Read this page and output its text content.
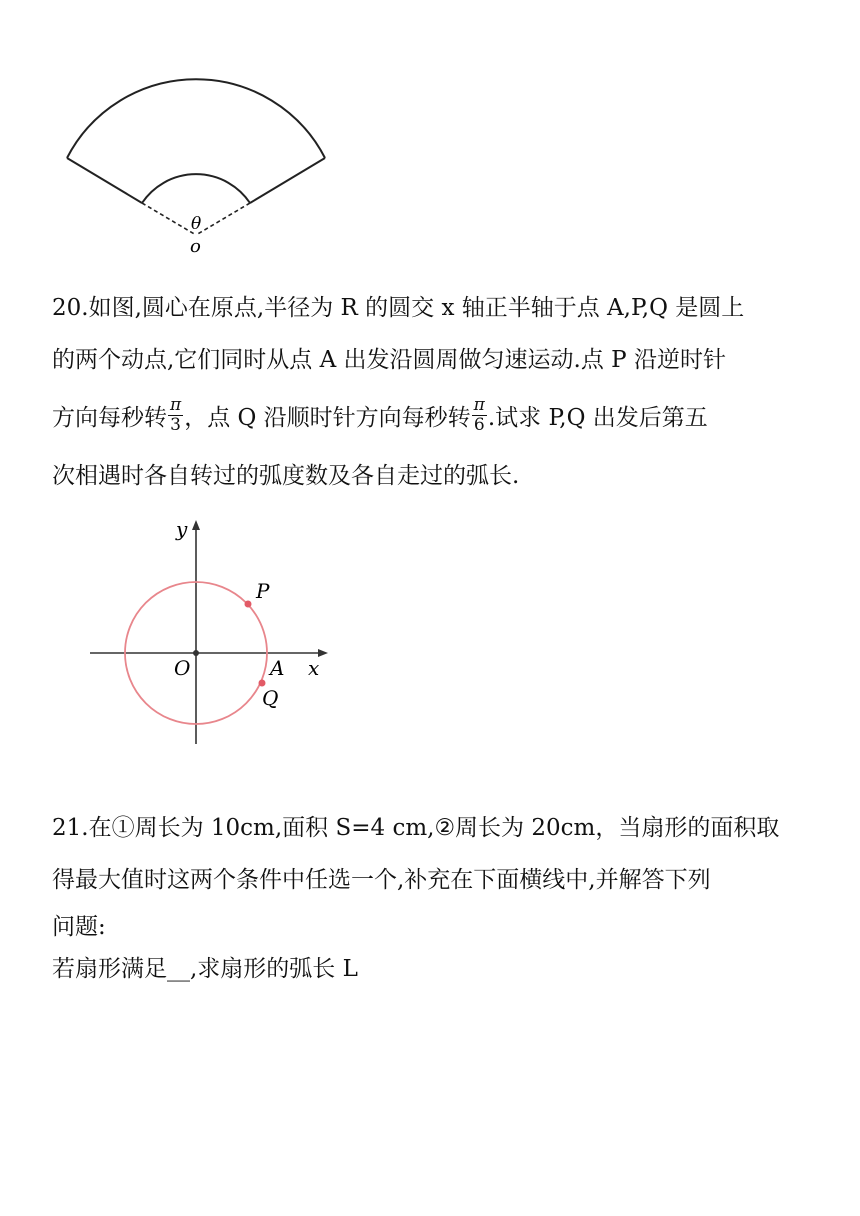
θ
o
20.如图,圆心在原点,半径为 R 的圆交 x 轴正半轴于点 A,P,Q 是圆上
的两个动点,它们同时从点 A 出发沿圆周做匀速运动.点 P 沿逆时针
方向每秒转 $\frac{\pi}{3}$ ，点 Q 沿顺时针方向每秒转 $\frac{\pi}{6}$ .试求 P,Q 出发后第五
次相遇时各自转过的弧度数及各自走过的弧长.
y
x
O	A
P
Q
21.在①周长为 10cm,面积 S=4 cm,②周长为 20cm，当扇形的面积取
得最大值时这两个条件中任选一个,补充在下面横线中,并解答下列
问题:
若扇形满足__,求扇形的弧长 L
